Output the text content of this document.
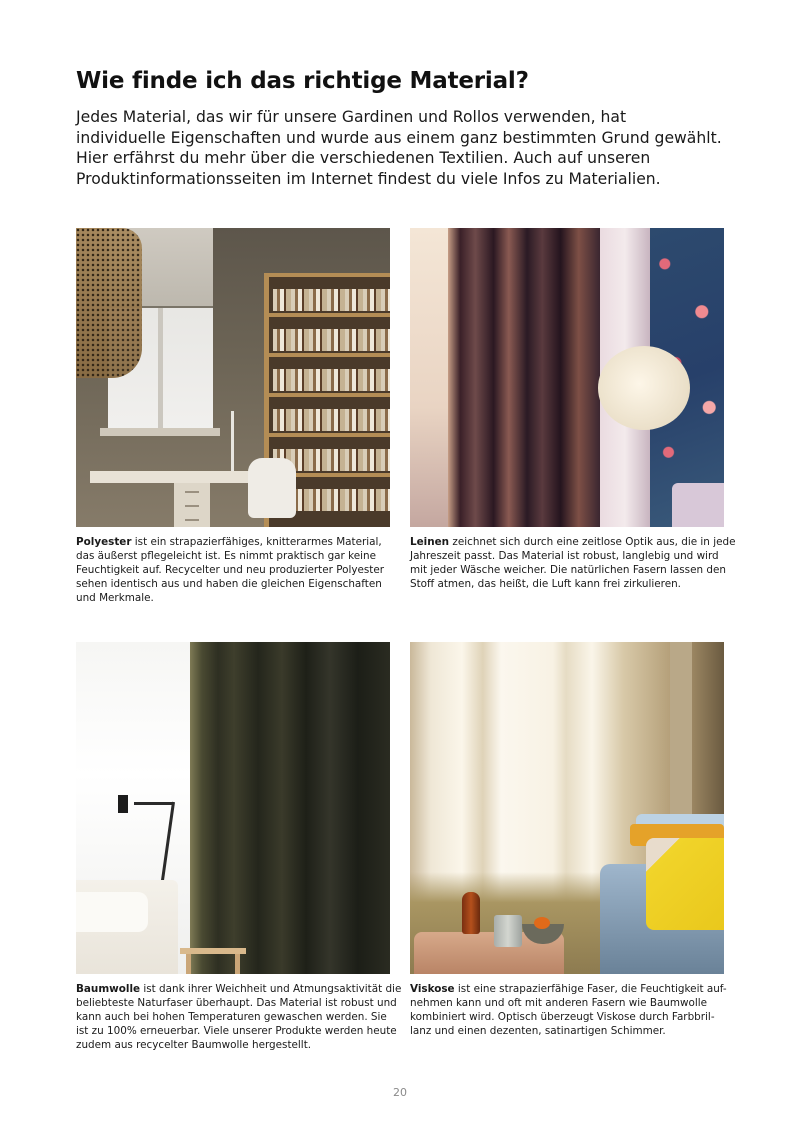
Wie finde ich das richtige Material?

Jedes Material, das wir für unsere Gardinen und Rollos verwenden, hat
individuelle Eigenschaften und wurde aus einem ganz bestimmten Grund gewählt.
Hier erfährst du mehr über die verschiedenen Textilien. Auch auf unseren
Produktinformationsseiten im Internet findest du viele Infos zu Materialien.

Polyester ist ein strapazierfähiges, knitterarmes Material,
das äußerst pflegeleicht ist. Es nimmt praktisch gar keine
Feuchtigkeit auf. Recycelter und neu produzierter Polyester
sehen identisch aus und haben die gleichen Eigenschaften
und Merkmale.

Leinen zeichnet sich durch eine zeitlose Optik aus, die in jede
Jahreszeit passt. Das Material ist robust, langlebig und wird
mit jeder Wäsche weicher. Die natürlichen Fasern lassen den
Stoff atmen, das heißt, die Luft kann frei zirkulieren.

Baumwolle ist dank ihrer Weichheit und Atmungsaktivität die
beliebteste Naturfaser überhaupt. Das Material ist robust und
kann auch bei hohen Temperaturen gewaschen werden. Sie
ist zu 100% erneuerbar. Viele unserer Produkte werden heute
zudem aus recycelter Baumwolle hergestellt.

Viskose ist eine strapazierfähige Faser, die Feuchtigkeit auf-
nehmen kann und oft mit anderen Fasern wie Baumwolle
kombiniert wird. Optisch überzeugt Viskose durch Farbbril-
lanz und einen dezenten, satinartigen Schimmer.

20
